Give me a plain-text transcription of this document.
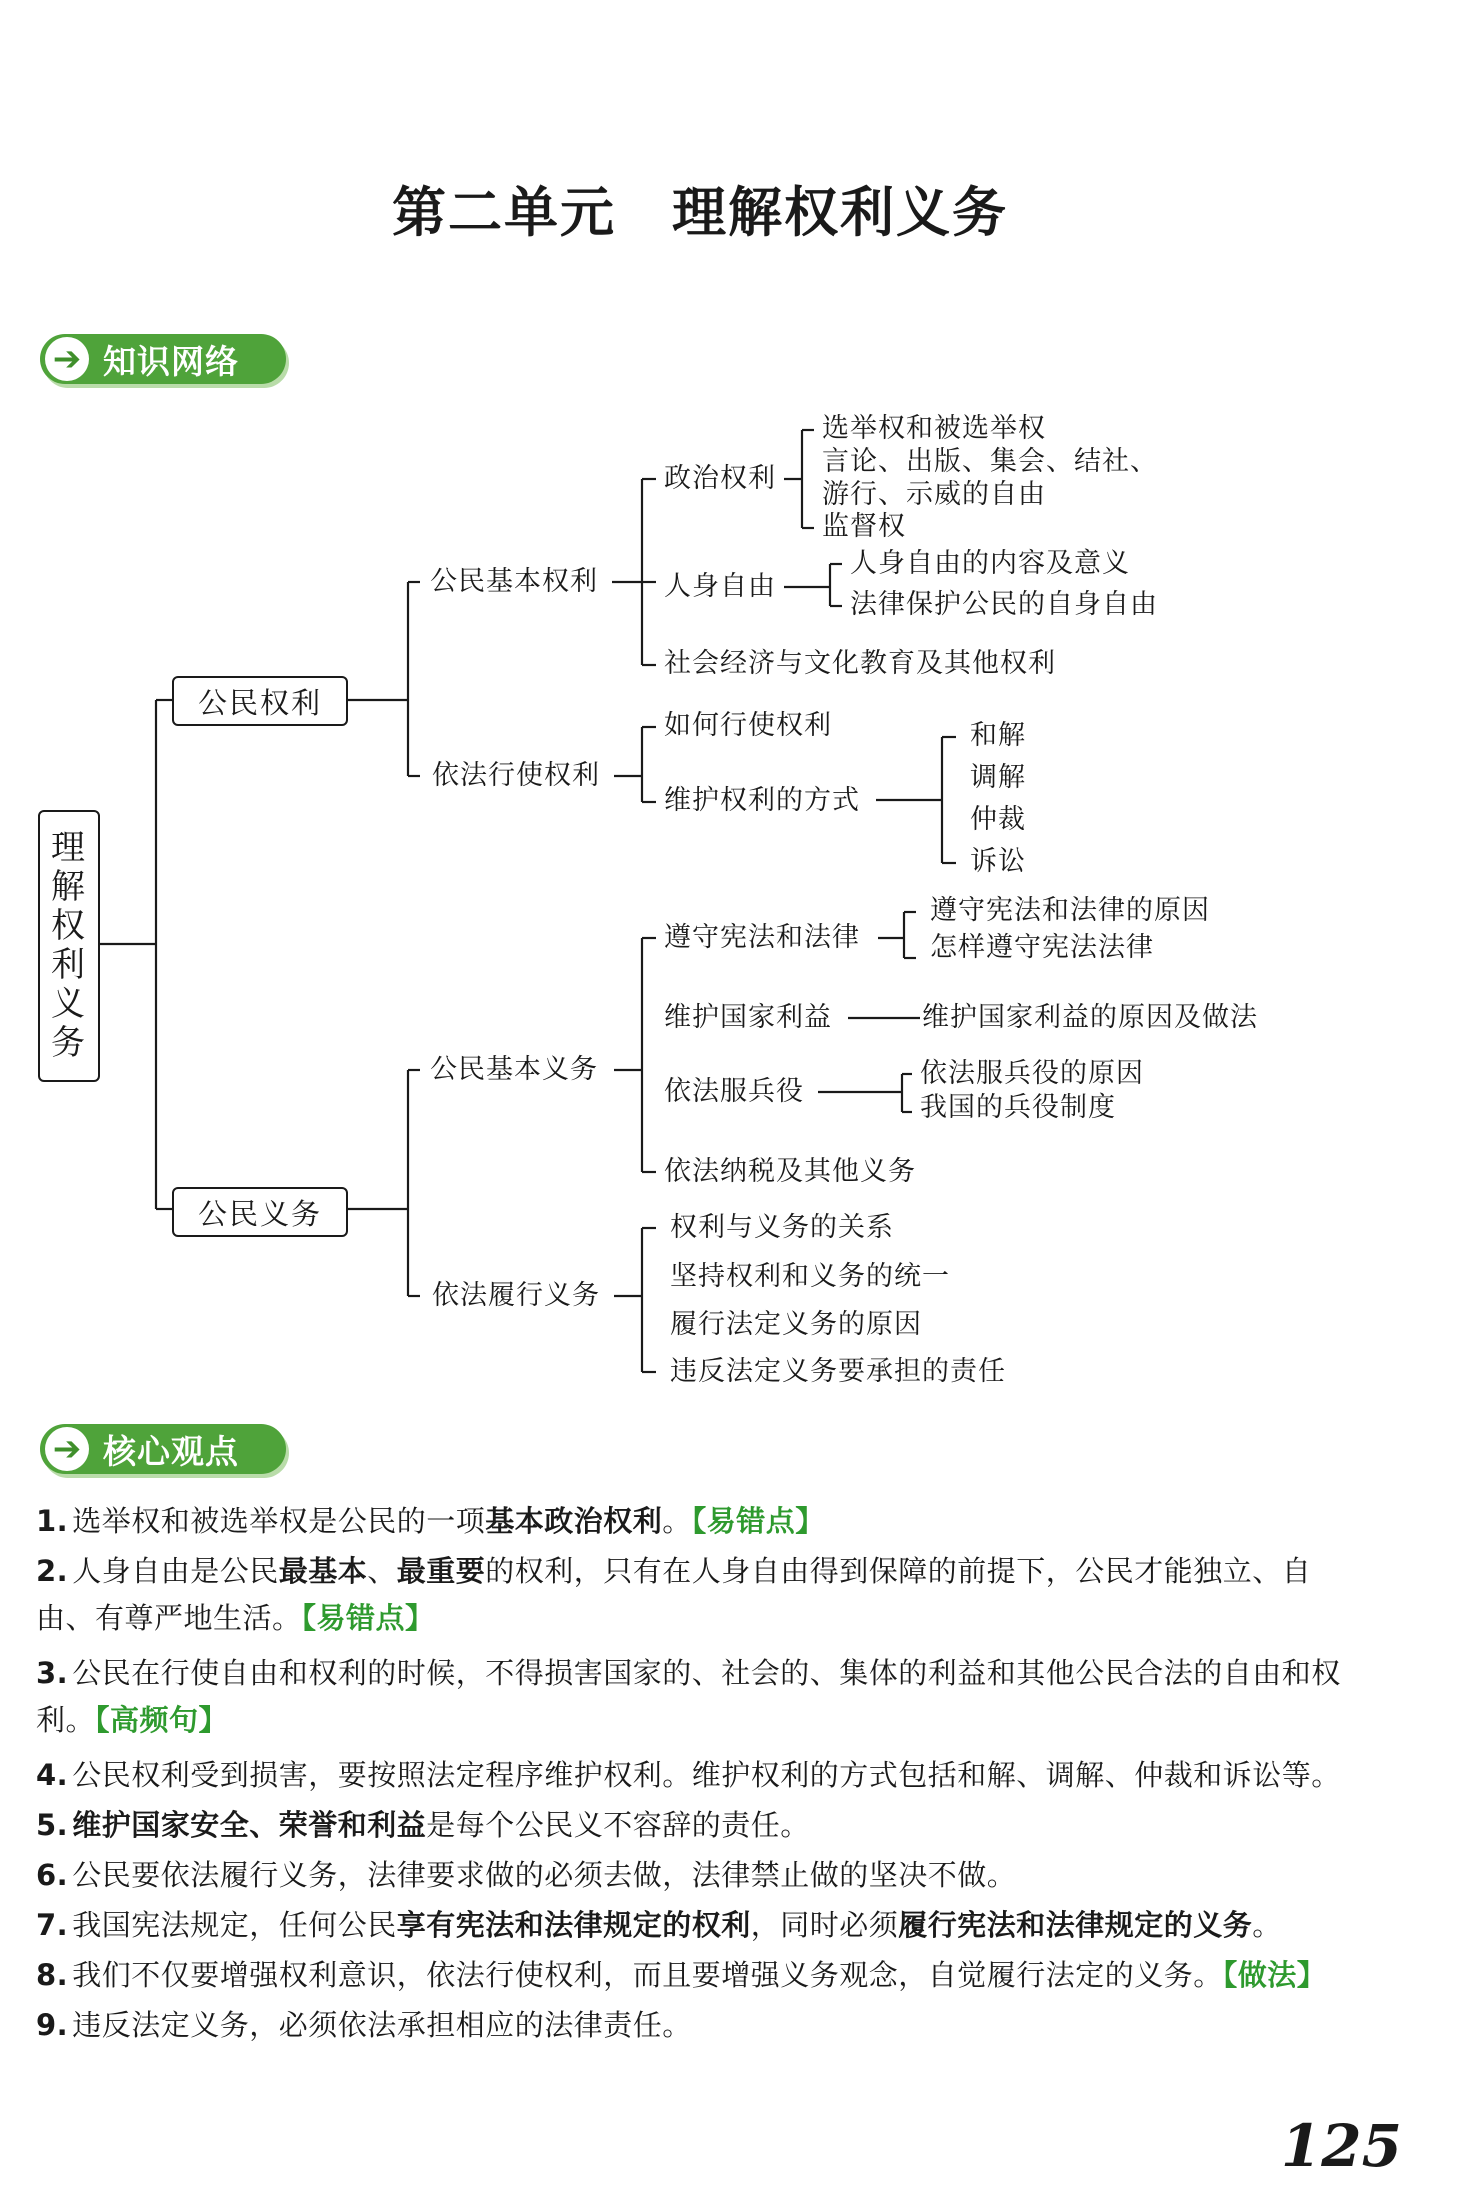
第二单元　理解权利义务
➔ 知识网络
理
解
权
利
义
务
公民权利
公民义务
公民基本权利
政治权利
选举权和被选举权
言论、出版、集会、结社、
游行、示威的自由
监督权
人身自由
人身自由的内容及意义
法律保护公民的自身自由
社会经济与文化教育及其他权利
依法行使权利
如何行使权利
维护权利的方式
和解
调解
仲裁
诉讼
公民基本义务
遵守宪法和法律
遵守宪法和法律的原因
怎样遵守宪法法律
维护国家利益	维护国家利益的原因及做法
依法服兵役
依法服兵役的原因
我国的兵役制度
依法纳税及其他义务
依法履行义务
权利与义务的关系
坚持权利和义务的统一
履行法定义务的原因
违反法定义务要承担的责任
➔ 核心观点
1. 选举权和被选举权是公民的一项基本政治权利。【易错点】
2. 人身自由是公民最基本、最重要的权利，只有在人身自由得到保障的前提下，公民才能独立、自由、有尊严地生活。【易错点】
3. 公民在行使自由和权利的时候，不得损害国家的、社会的、集体的利益和其他公民合法的自由和权利。【高频句】
4. 公民权利受到损害，要按照法定程序维护权利。维护权利的方式包括和解、调解、仲裁和诉讼等。
5. 维护国家安全、荣誉和利益是每个公民义不容辞的责任。
6. 公民要依法履行义务，法律要求做的必须去做，法律禁止做的坚决不做。
7. 我国宪法规定，任何公民享有宪法和法律规定的权利，同时必须履行宪法和法律规定的义务。
8. 我们不仅要增强权利意识，依法行使权利，而且要增强义务观念，自觉履行法定的义务。【做法】
9. 违反法定义务，必须依法承担相应的法律责任。
125
